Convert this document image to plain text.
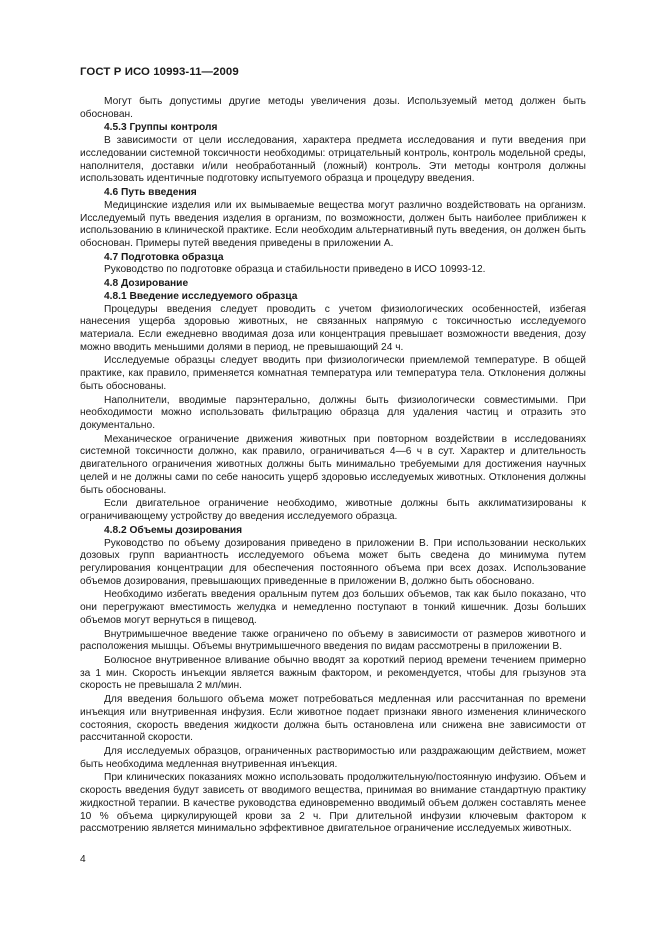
ГОСТ Р ИСО 10993-11—2009

Могут быть допустимы другие методы увеличения дозы. Используемый метод должен быть обоснован.

4.5.3 Группы контроля

В зависимости от цели исследования, характера предмета исследования и пути введения при исследовании системной токсичности необходимы: отрицательный контроль, контроль модельной среды, наполнителя, доставки и/или необработанный (ложный) контроль. Эти методы контроля должны использовать идентичные подготовку испытуемого образца и процедуру введения.

4.6 Путь введения

Медицинские изделия или их вымываемые вещества могут различно воздействовать на организм. Исследуемый путь введения изделия в организм, по возможности, должен быть наиболее приближен к использованию в клинической практике. Если необходим альтернативный путь введения, он должен быть обоснован. Примеры путей введения приведены в приложении А.

4.7 Подготовка образца

Руководство по подготовке образца и стабильности приведено в ИСО 10993-12.

4.8 Дозирование
4.8.1 Введение исследуемого образца

Процедуры введения следует проводить с учетом физиологических особенностей, избегая нанесения ущерба здоровью животных, не связанных напрямую с токсичностью исследуемого материала. Если ежедневно вводимая доза или концентрация превышает возможности введения, дозу можно вводить меньшими долями в период, не превышающий 24 ч.

Исследуемые образцы следует вводить при физиологически приемлемой температуре. В общей практике, как правило, применяется комнатная температура или температура тела. Отклонения должны быть обоснованы.

Наполнители, вводимые парэнтерально, должны быть физиологически совместимыми. При необходимости можно использовать фильтрацию образца для удаления частиц и отразить это документально.

Механическое ограничение движения животных при повторном воздействии в исследованиях системной токсичности должно, как правило, ограничиваться 4—6 ч в сут. Характер и длительность двигательного ограничения животных должны быть минимально требуемыми для достижения научных целей и не должны сами по себе наносить ущерб здоровью исследуемых животных. Отклонения должны быть обоснованы.

Если двигательное ограничение необходимо, животные должны быть акклиматизированы к ограничивающему устройству до введения исследуемого образца.

4.8.2 Объемы дозирования

Руководство по объему дозирования приведено в приложении В. При использовании нескольких дозовых групп вариантность исследуемого объема может быть сведена до минимума путем регулирования концентрации для обеспечения постоянного объема при всех дозах. Использование объемов дозирования, превышающих приведенные в приложении В, должно быть обосновано.

Необходимо избегать введения оральным путем доз больших объемов, так как было показано, что они перегружают вместимость желудка и немедленно поступают в тонкий кишечник. Дозы больших объемов могут вернуться в пищевод.

Внутримышечное введение также ограничено по объему в зависимости от размеров животного и расположения мышцы. Объемы внутримышечного введения по видам рассмотрены в приложении В.

Болюсное внутривенное вливание обычно вводят за короткий период времени течением примерно за 1 мин. Скорость инъекции является важным фактором, и рекомендуется, чтобы для грызунов эта скорость не превышала 2 мл/мин.

Для введения большого объема может потребоваться медленная или рассчитанная по времени инъекция или внутривенная инфузия. Если животное подает признаки явного изменения клинического состояния, скорость введения жидкости должна быть остановлена или снижена вне зависимости от рассчитанной скорости.

Для исследуемых образцов, ограниченных растворимостью или раздражающим действием, может быть необходима медленная внутривенная инъекция.

При клинических показаниях можно использовать продолжительную/постоянную инфузию. Объем и скорость введения будут зависеть от вводимого вещества, принимая во внимание стандартную практику жидкостной терапии. В качестве руководства единовременно вводимый объем должен составлять менее 10 % объема циркулирующей крови за 2 ч. При длительной инфузии ключевым фактором к рассмотрению является минимально эффективное двигательное ограничение исследуемых животных.

4
